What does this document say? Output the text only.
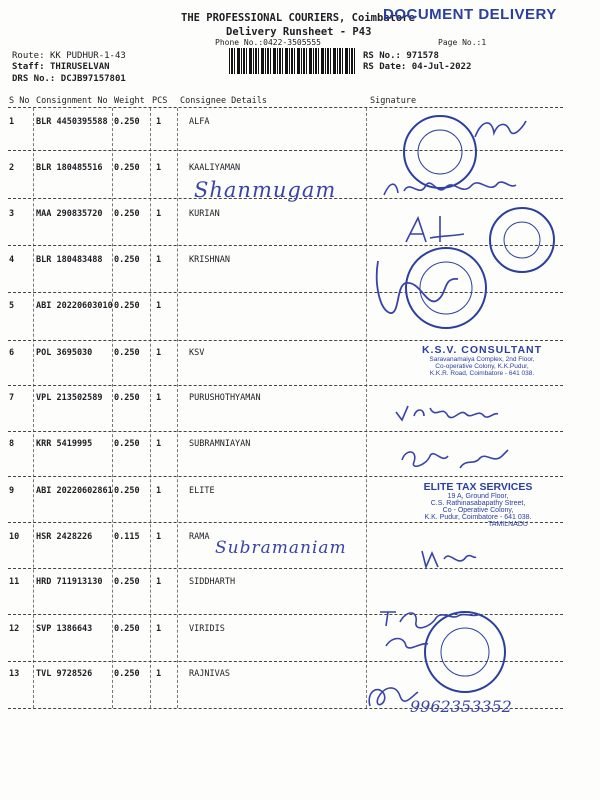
THE PROFESSIONAL COURIERS, Coimbatore
DOCUMENT DELIVERY
Delivery Runsheet - P43
Phone No.:0422-3505555	Page No.:1
Route: KK PUDHUR-1-43
Staff: THIRUSELVAN
DRS No.: DCJB97157801
RS No.: 971578
RS Date: 04-Jul-2022
S No Consignment No Weight PCS Consignee Details	Signature
1	BLR 4450395588 0.250 1	ALFA
2	BLR 180485516 0.250 1	KAALIYAMAN
3	MAA 290835720 0.250 1	KURIAN
4	BLR 180483488 0.250 1	KRISHNAN
5	ABI 20220603010 0.250 1
6	POL 3695030	0.250 1	KSV
7	VPL 213502589 0.250 1	PURUSHOTHYAMAN
8	KRR 5419995	0.250 1	SUBRAMNIAYAN
9	ABI 20220602861 0.250 1	ELITE
10 HSR 2428226	0.115 1	RAMA
11 HRD 711913130 0.250 1	SIDDHARTH
12 SVP 1386643	0.250 1	VIRIDIS
13 TVL 9728526	0.250 1	RAJNIVAS
Shanmugam
Subramaniam
9962353352
K.S.V. CONSULTANT
Saravanamaiya Complex, 2nd Floor,
Co-operative Colony, K.K.Pudur,
K.K.R. Road, Coimbatore - 641 038.
ELITE TAX SERVICES
19 A, Ground Floor,
C.S. Rathinasabapathy Street,
Co - Operative Colony,
K.K. Pudur, Coimbatore - 641 038.
TAMILNADU
